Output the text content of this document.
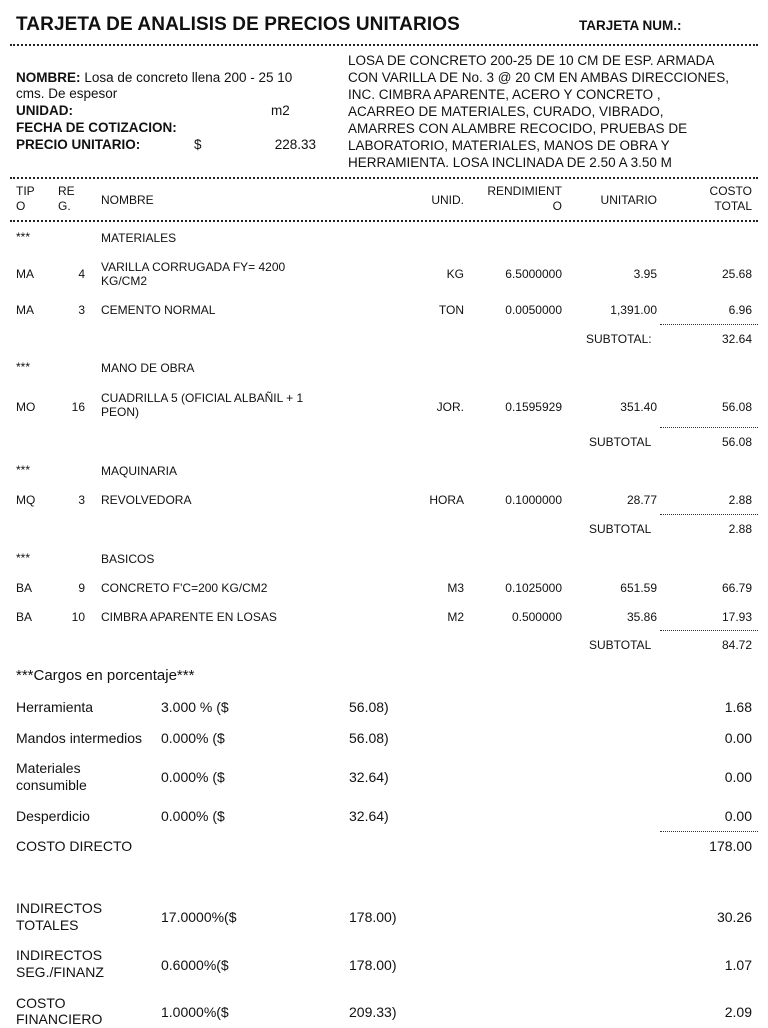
TARJETA DE ANALISIS DE PRECIOS UNITARIOS	TARJETA NUM.:
NOMBRE: Losa de concreto llena 200 - 25 10
cms. De espesor
UNIDAD:	m2
FECHA DE COTIZACION:
PRECIO UNITARIO:	$	228.33
LOSA DE CONCRETO 200-25 DE 10 CM DE ESP. ARMADA
CON VARILLA DE No. 3 @ 20 CM EN AMBAS DIRECCIONES,
INC. CIMBRA APARENTE, ACERO Y CONCRETO ,
ACARREO DE MATERIALES, CURADO, VIBRADO,
AMARRES CON ALAMBRE RECOCIDO, PRUEBAS DE
LABORATORIO, MATERIALES, MANOS DE OBRA Y
HERRAMIENTA. LOSA INCLINADA DE 2.50 A 3.50 M
TIP
O
RE
G.	NOMBRE	UNID.
RENDIMIENT
O	UNITARIO
COSTO
TOTAL
***	MATERIALES
MA	4 VARILLA CORRUGADA FY= 4200
KG/CM2	KG	6.5000000	3.95	25.68
MA	3 CEMENTO NORMAL	TON	0.0050000	1,391.00	6.96
SUBTOTAL:	32.64
***	MANO DE OBRA
MO	16
CUADRILLA 5 (OFICIAL ALBAÑIL + 1
PEON)	JOR.	0.1595929	351.40	56.08
SUBTOTAL	56.08
***	MAQUINARIA
MQ	3 REVOLVEDORA	HORA	0.1000000	28.77	2.88
SUBTOTAL	2.88
***	BASICOS
BA	9 CONCRETO F'C=200 KG/CM2	M3	0.1025000	651.59	66.79
BA	10 CIMBRA APARENTE EN LOSAS	M2	0.500000	35.86	17.93
SUBTOTAL	84.72
***Cargos en porcentaje***
Herramienta	3.000 % ($	56.08)	1.68
Mandos intermedios 0.000% ($	56.08)	0.00
Materiales
consumible	0.000% ($	32.64)	0.00
Desperdicio	0.000% ($	32.64)	0.00
COSTO DIRECTO	178.00
INDIRECTOS
TOTALES	17.0000%($	178.00)	30.26
INDIRECTOS
SEG./FINANZ	0.6000%($	178.00)	1.07
COSTO
FINANCIERO	1.0000%($	209.33)	2.09
